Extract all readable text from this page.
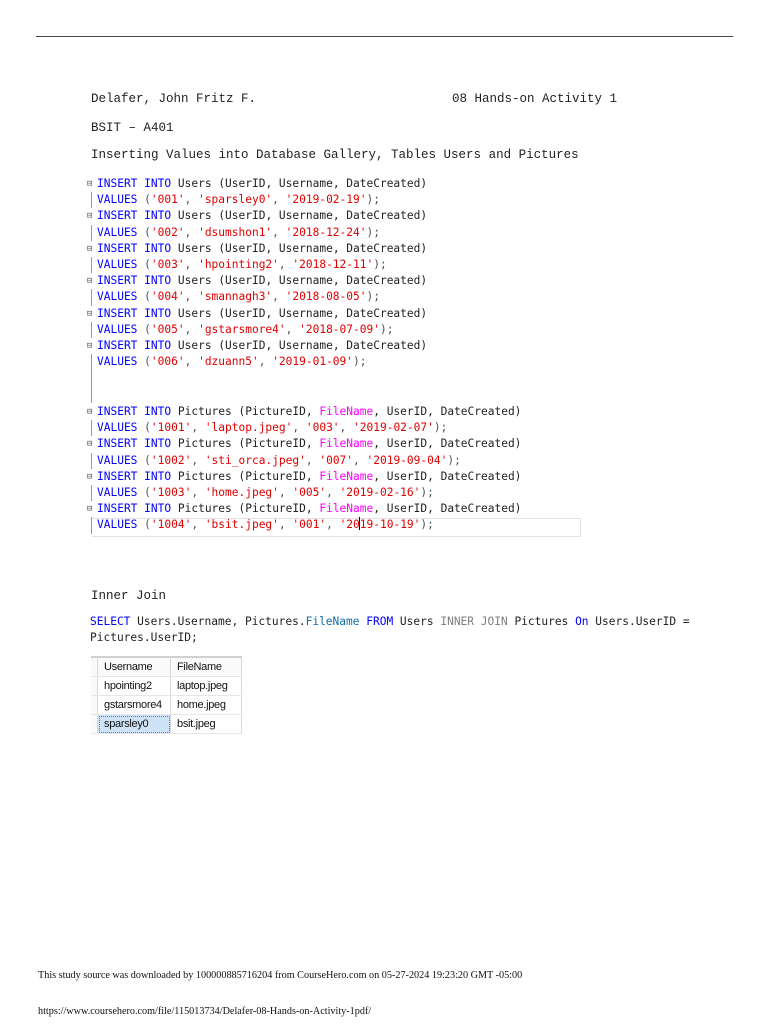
Delafer, John Fritz F.	08 Hands-on Activity 1
BSIT – A401
Inserting Values into Database Gallery, Tables Users and Pictures
⊟ INSERT INTO Users (UserID, Username, DateCreated)
VALUES ('001', 'sparsley0', '2019-02-19');
⊟ INSERT INTO Users (UserID, Username, DateCreated)
VALUES ('002', 'dsumshon1', '2018-12-24');
⊟ INSERT INTO Users (UserID, Username, DateCreated)
VALUES ('003', 'hpointing2', '2018-12-11');
⊟ INSERT INTO Users (UserID, Username, DateCreated)
VALUES ('004', 'smannagh3', '2018-08-05');
⊟ INSERT INTO Users (UserID, Username, DateCreated)
VALUES ('005', 'gstarsmore4', '2018-07-09');
⊟ INSERT INTO Users (UserID, Username, DateCreated)
VALUES ('006', 'dzuann5', '2019-01-09');
⊟ INSERT INTO Pictures (PictureID, FileName, UserID, DateCreated)
VALUES ('1001', 'laptop.jpeg', '003', '2019-02-07');
⊟ INSERT INTO Pictures (PictureID, FileName, UserID, DateCreated)
VALUES ('1002', 'sti_orca.jpeg', '007', '2019-09-04');
⊟ INSERT INTO Pictures (PictureID, FileName, UserID, DateCreated)
VALUES ('1003', 'home.jpeg', '005', '2019-02-16');
⊟ INSERT INTO Pictures (PictureID, FileName, UserID, DateCreated)
VALUES ('1004', 'bsit.jpeg', '001', '2019-10-19');
Inner Join
SELECT Users.Username, Pictures.FileName FROM Users INNER JOIN Pictures On Users.UserID =
Pictures.UserID;
	Username	FileName
	hpointing2	laptop.jpeg
	gstarsmore4	home.jpeg
	sparsley0	bsit.jpeg
This study source was downloaded by 100000885716204 from CourseHero.com on 05-27-2024 19:23:20 GMT -05:00
https://www.coursehero.com/file/115013734/Delafer-08-Hands-on-Activity-1pdf/
